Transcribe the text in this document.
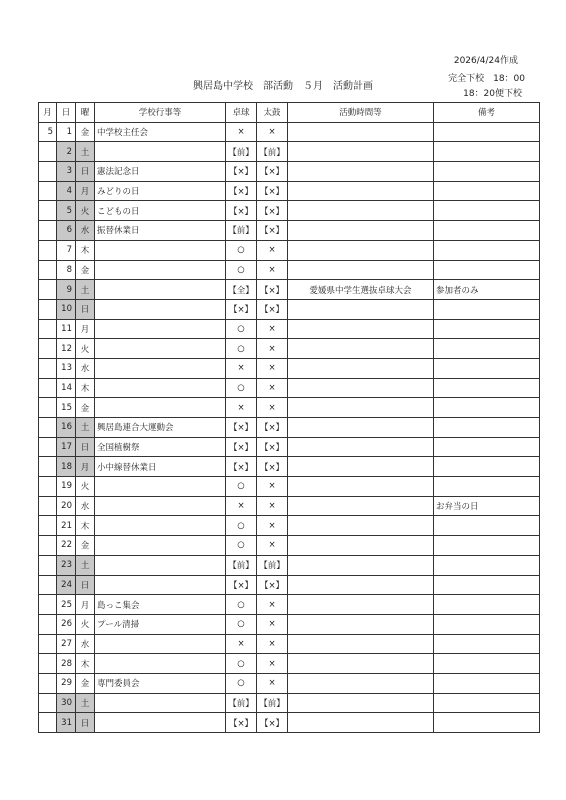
2026/4/24作成
興居島中学校　部活動　５月　活動計画
完全下校　18：00
18：20便下校
月	日	曜	学校行事等	卓球	太鼓	活動時間等	備考
5	1	金	中学校主任会	×	×		
	2	土		【前】	【前】		
	3	日	憲法記念日	【×】	【×】		
	4	月	みどりの日	【×】	【×】		
	5	火	こどもの日	【×】	【×】		
	6	水	振替休業日	【前】	【×】		
	7	木		○	×		
	8	金		○	×		
	9	土		【全】	【×】	愛媛県中学生選抜卓球大会	参加者のみ
	10	日		【×】	【×】		
	11	月		○	×		
	12	火		○	×		
	13	水		×	×		
	14	木		○	×		
	15	金		×	×		
	16	土	興居島連合大運動会	【×】	【×】		
	17	日	全国植樹祭	【×】	【×】		
	18	月	小中線替休業日	【×】	【×】		
	19	火		○	×		
	20	水		×	×		お弁当の日
	21	木		○	×		
	22	金		○	×		
	23	土		【前】	【前】		
	24	日		【×】	【×】		
	25	月	島っこ集会	○	×		
	26	火	プール清掃	○	×		
	27	水		×	×		
	28	木		○	×		
	29	金	専門委員会	○	×		
	30	土		【前】	【前】		
	31	日		【×】	【×】		
